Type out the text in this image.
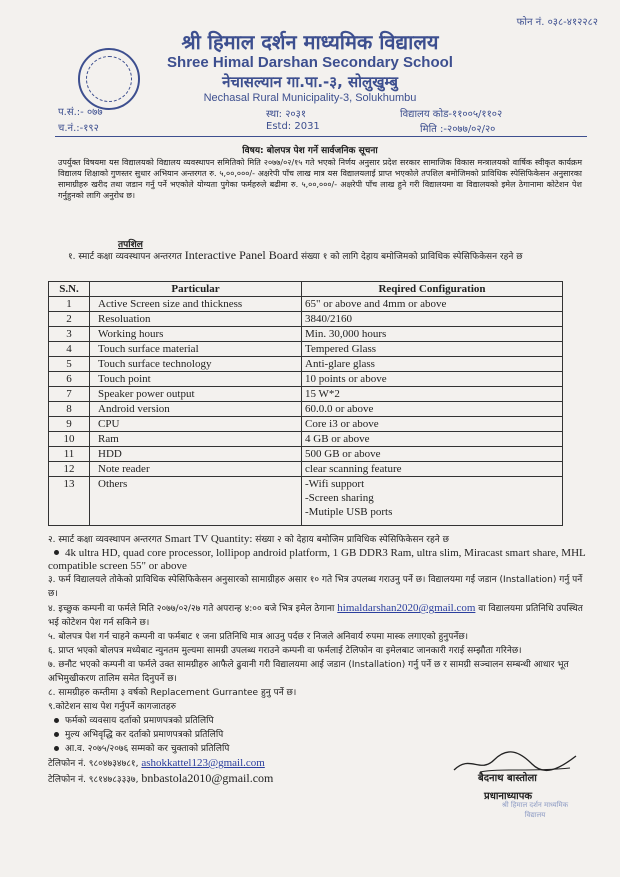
फोन नं. ०३८-४१२२८२
श्री हिमाल दर्शन माध्यमिक विद्यालय
Shree Himal Darshan Secondary School
नेचासल्यान गा.पा.-३, सोलुखुम्बु
Nechasal Rural Municipality-3, Solukhumbu
प.सं.:- ०७७
च.नं.:-१९२
स्था: २०३१
Estd: 2031
विद्यालय कोड-११००५/११०२
मिति :-२०७७/०२/२०
विषय: बोलपत्र पेश गर्ने सार्वजनिक सूचना
उपर्युक्त विषयमा यस विद्यालयको विद्यालय व्यवस्थापन समितिको मिति २०७७/०२/१५ गते भएको निर्णय अनुसार प्रदेश सरकार सामाजिक विकास मन्त्रालयको वार्षिक स्वीकृत कार्यक्रम विद्यालय शिक्षाको गुणस्तर सुधार अभियान अन्तरगत रु. ५,००,०००/- अक्षरेपी पाँच लाख मात्र यस विद्यालयलाई प्राप्त भएकोले तपशिल बमोजिमको प्राविधिक स्पेसिफिकेसन अनुसारका सामाग्रीहरु खरीद तथा जडान गर्नु पर्ने भएकोले योग्यता पुगेका फर्महरुले बढीमा रु. ५,००,०००/- अक्षरेपी पाँच लाख हुने गरी विद्यालयमा वा विद्यालयको इमेल ठेगानामा कोटेशन पेश गर्नुहुनको लागि अनुरोध छ।
तपशिल
१. स्मार्ट कक्षा व्यवस्थापन अन्तरगत Interactive Panel Board संख्या १ को लागि देहाय बमोजिमको प्राविधिक स्पेसिफिकेसन रहने छ
S.N.	Particular	Reqired Configuration
1	Active Screen size and thickness	65" or above and 4mm or above
2	Resoluation	3840/2160
3	Working hours	Min. 30,000 hours
4	Touch surface material	Tempered Glass
5	Touch surface technology	Anti-glare glass
6	Touch point	10 points or above
7	Speaker power output	15 W*2
8	Android version	60.0.0 or above
9	CPU	Core i3 or above
10	Ram	4 GB or above
11	HDD	500 GB or above
12	Note reader	clear scanning feature
13	Others	-Wifi support
-Screen sharing
-Mutiple USB ports

२. स्मार्ट कक्षा व्यवस्थापन अन्तरगत Smart TV Quantity: संख्या २ को देहाय बमोजिम प्राविधिक स्पेसिफिकेसन रहने छ

4k ultra HD, quad core processor, lollipop android platform, 1 GB DDR3 Ram, ultra slim, Miracast smart share, MHL compatible screen 55" or above

३. फर्म विद्यालयले तोकेको प्राविधिक स्पेसिफिकेसन अनुसारको सामाग्रीहरु असार १० गते भित्र उपलब्ध गराउनु पर्ने छ। विद्यालयमा गई जडान (Installation) गर्नु पर्ने छ।

४. इच्छुक कम्पनी वा फर्मले मिति २०७७/०२/२७ गते अपरान्ह ४:०० बजे भित्र इमेल ठेगाना himaldarshan2020@gmail.com वा विद्यालयमा प्रतिनिधि उपस्थित भई कोटेशन पेश गर्न सकिने छ।

५. बोलपत्र पेश गर्न चाहने कम्पनी वा फर्मबाट १ जना प्रतिनिधि मात्र आउनु पर्दछ र निजले अनिवार्य रुपमा मास्क लगाएको हुनुपर्नेछ।

६. प्राप्त भएको बोलपत्र मध्येबाट न्युनतम मुल्यमा सामग्री उपलब्ध गराउने कम्पनी वा फर्मलाई टेलिफोन वा इमेलबाट जानकारी गराई सम्झौता गरिनेछ।

७. छनौट भएको कम्पनी वा फर्मले उक्त सामग्रीहरु आफैले ढुवानी गरी विद्यालयमा आई जडान (Installation) गर्नु पर्ने छ र सामग्री सञ्चालन सम्बन्धी आधार भूत अभिमुखीकरण तालिम समेत दिनुपर्ने छ।

८. सामग्रीहरु कम्तीमा ३ वर्षको Replacement Gurrantee हुनु पर्ने छ।

९.कोटेशन साथ पेश गर्नुपर्ने कागजातहरु

फर्मको व्यवसाय दर्ताको प्रमाणपत्रको प्रतिलिपि

मुल्य अभिवृद्धि कर दर्ताको प्रमाणपत्रको प्रतिलिपि

आ.व. २०७५/२०७६ सम्मको कर चुक्ताको प्रतिलिपि

टेलिफोन नं. ९८०४७३४७८१, ashokkattel123@gmail.com

टेलिफोन नं. ९८१४७८३३३७, bnbastola2010@gmail.com	बैदनाथ बास्तोला
प्रधानाध्यापक
श्री हिमाल दर्शन माध्यमिक
विद्यालय
